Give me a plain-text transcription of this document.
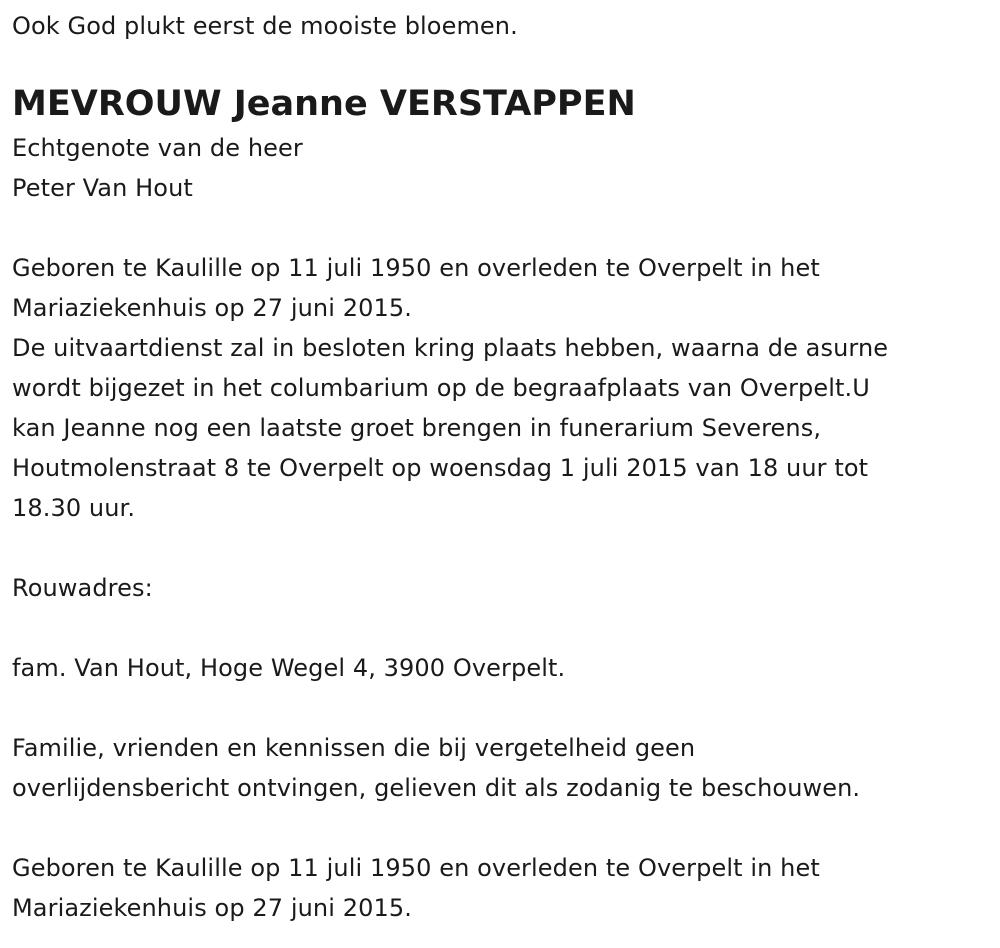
Ook God plukt eerst de mooiste bloemen.

MEVROUW Jeanne VERSTAPPEN

Echtgenote van de heer

Peter Van Hout

Geboren te Kaulille op 11 juli 1950 en overleden te Overpelt in het

Mariaziekenhuis op 27 juni 2015.

De uitvaartdienst zal in besloten kring plaats hebben, waarna de asurne

wordt bijgezet in het columbarium op de begraafplaats van Overpelt.U

kan Jeanne nog een laatste groet brengen in funerarium Severens,

Houtmolenstraat 8 te Overpelt op woensdag 1 juli 2015 van 18 uur tot

18.30 uur.

Rouwadres:

fam. Van Hout, Hoge Wegel 4, 3900 Overpelt.

Familie, vrienden en kennissen die bij vergetelheid geen

overlijdensbericht ontvingen, gelieven dit als zodanig te beschouwen.

Geboren te Kaulille op 11 juli 1950 en overleden te Overpelt in het

Mariaziekenhuis op 27 juni 2015.
